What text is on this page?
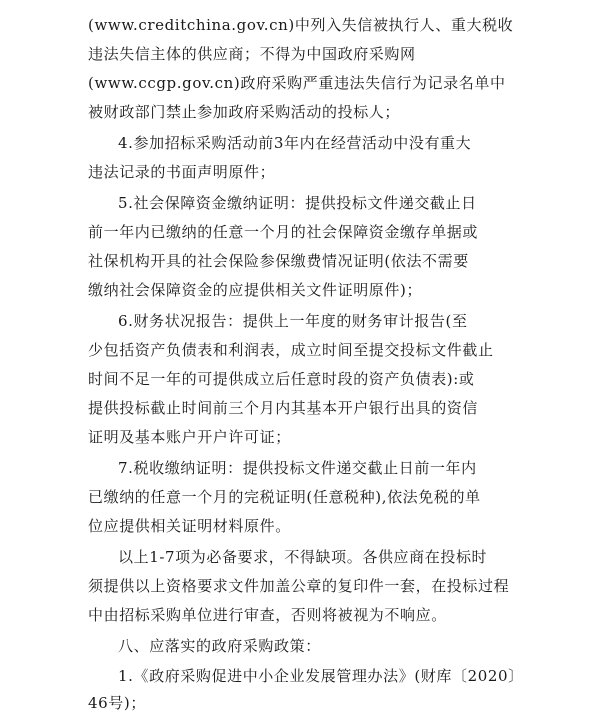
(www.creditchina.gov.cn)中列入失信被执行人、重大税收
违法失信主体的供应商；不得为中国政府采购网
(www.ccgp.gov.cn)政府采购严重违法失信行为记录名单中
被财政部门禁止参加政府采购活动的投标人；
4.参加招标采购活动前3年内在经营活动中没有重大
违法记录的书面声明原件；
5.社会保障资金缴纳证明：提供投标文件递交截止日
前一年内已缴纳的任意一个月的社会保障资金缴存单据或
社保机构开具的社会保险参保缴费情况证明(依法不需要
缴纳社会保障资金的应提供相关文件证明原件)；
6.财务状况报告：提供上一年度的财务审计报告(至
少包括资产负债表和利润表，成立时间至提交投标文件截止
时间不足一年的可提供成立后任意时段的资产负债表):或
提供投标截止时间前三个月内其基本开户银行出具的资信
证明及基本账户开户许可证；
7.税收缴纳证明：提供投标文件递交截止日前一年内
已缴纳的任意一个月的完税证明(任意税种),依法免税的单
位应提供相关证明材料原件。
以上1-7项为必备要求，不得缺项。各供应商在投标时
须提供以上资格要求文件加盖公章的复印件一套，在投标过程
中由招标采购单位进行审查，否则将被视为不响应。
八、应落实的政府采购政策：
1.《政府采购促进中小企业发展管理办法》(财库〔2020〕
46号)；
